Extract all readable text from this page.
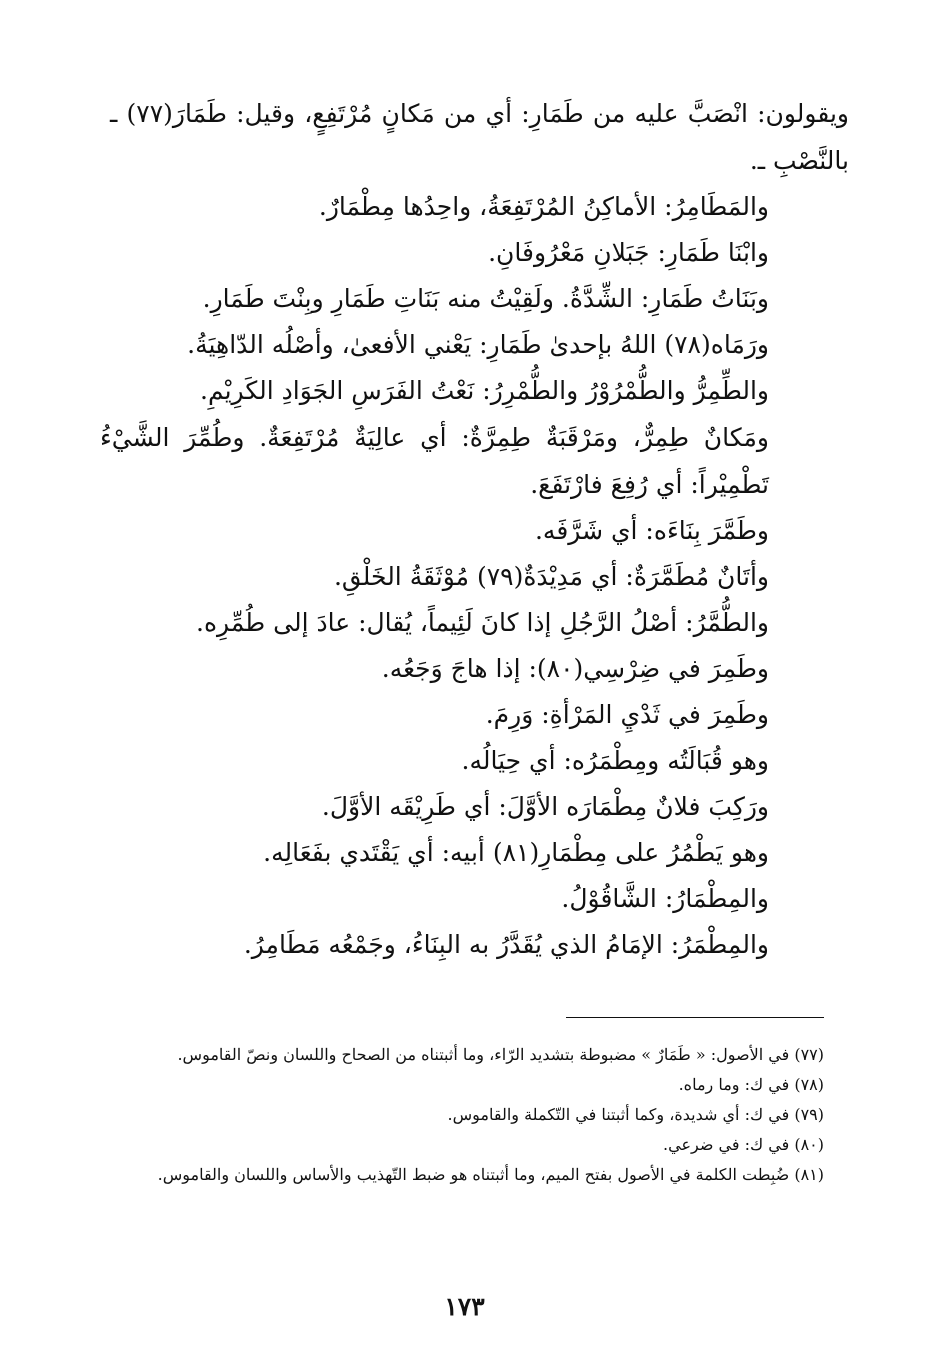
ويقولون: انْصَبَّ عليه من طَمَارِ: أي من مَكانٍ مُرْتَفِعٍ، وقيل: طَمَارَ(٧٧) ـ بالنَّصْبِ ـ.
والمَطَامِرُ: الأماكِنُ المُرْتَفِعَةُ، واحِدُها مِطْمَارٌ.
وابْنَا طَمَارِ: جَبَلانِ مَعْرُوفَانِ.
وبَنَاتُ طَمَارِ: الشِّدَّةُ. ولَقِيْتُ منه بَنَاتِ طَمَارِ وبِنْتَ طَمَارِ.
ورَمَاه(٧٨) اللهُ بإحدىٰ طَمَارِ: يَعْني الأفعىٰ، وأصْلُه الدّاهِيَةُ.
والطِّمِرُّ والطُّمْرُوْرُ والطُّمْرِرُ: نَعْتُ الفَرَسِ الجَوَادِ الكَرِيْمِ.
ومَكانٌ طِمِرٌّ، ومَرْقَبَةٌ طِمِرَّةٌ: أي عالِيَةٌ مُرْتَفِعَةٌ. وطُمِّرَ الشَّيْءُ تَطْمِيْراً: أي رُفِعَ فارْتَفَعَ.
وطَمَّرَ بِنَاءَه: أي شَرَّفَه.
وأتَانٌ مُطَمَّرَةٌ: أي مَدِيْدَةٌ(٧٩) مُوْثَقَةُ الخَلْقِ.
والطُّمَّرُ: أصْلُ الرَّجُلِ إذا كانَ لَئِيماً، يُقال: عادَ إلى طُمِّرِه.
وطَمِرَ في ضِرْسِي(٨٠): إذا هاجَ وَجَعُه.
وطَمِرَ في ثَدْيِ المَرْأةِ: وَرِمَ.
وهو قُبَالَتُه ومِطْمَرُه: أي حِيَالُه.
ورَكِبَ فلانٌ مِطْمَارَه الأوَّلَ: أي طَرِيْقَه الأوَّلَ.
وهو يَطْمُرُ على مِطْمَارِ(٨١) أبيه: أي يَقْتَدي بفَعَالِه.
والمِطْمَارُ: الشَّاقُوْلُ.
والمِطْمَرُ: الإمَامُ الذي يُقَدَّرُ به البِنَاءُ، وجَمْعُه مَطَامِرُ.
(٧٧) في الأصول: « طَمَارٌ » مضبوطة بتشديد الرّاء، وما أثبتناه من الصحاح واللسان ونصّ القاموس.
(٧٨) في ك: وما رماه.
(٧٩) في ك: أي شديدة، وكما أثبتنا في التّكملة والقاموس.
(٨٠) في ك: في ضرعي.
(٨١) ضُبِطت الكلمة في الأصول بفتح الميم، وما أثبتناه هو ضبط التّهذيب والأساس واللسان والقاموس.
١٧٣
